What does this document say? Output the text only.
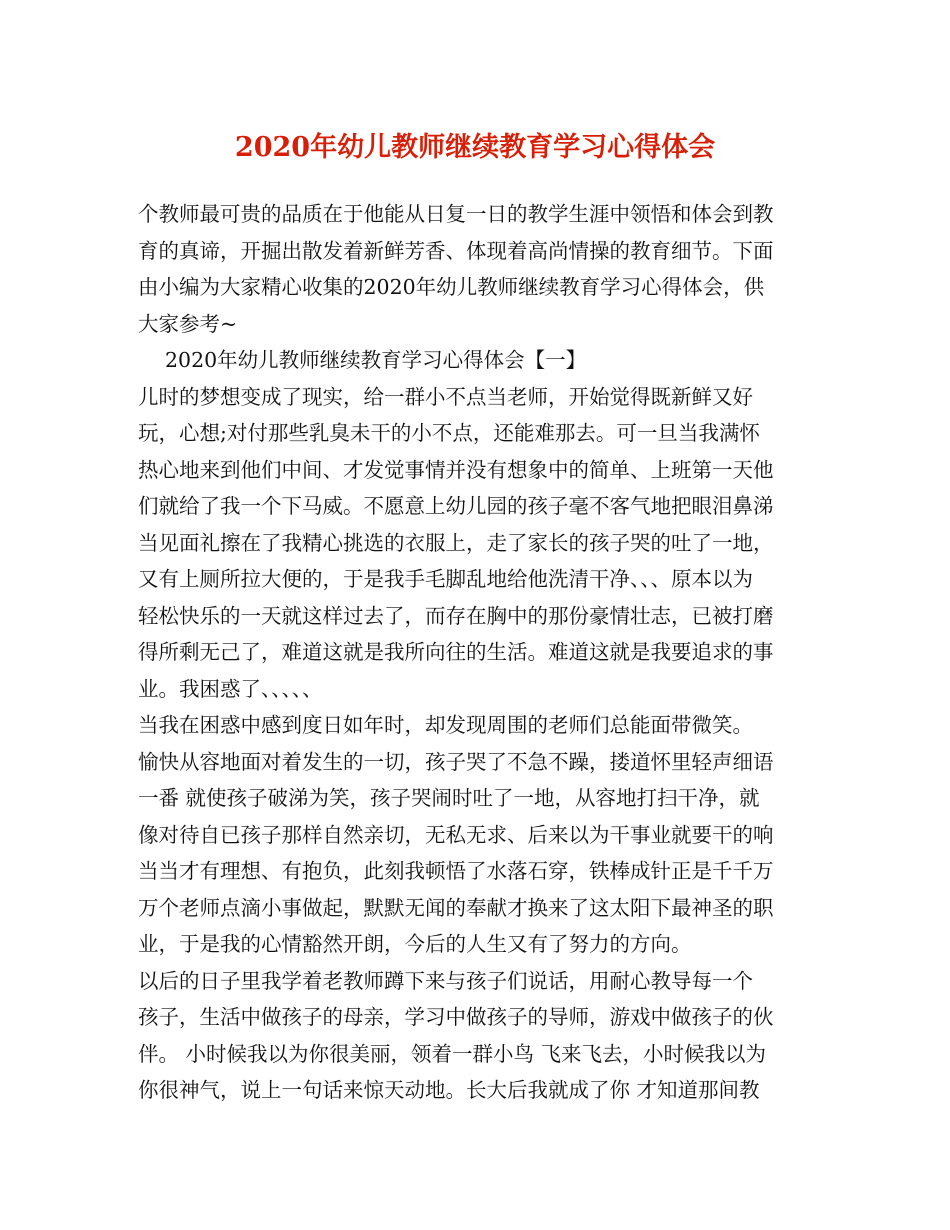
2020年幼儿教师继续教育学习心得体会
个教师最可贵的品质在于他能从日复一日的教学生涯中领悟和体会到教
育的真谛，开掘出散发着新鲜芳香、体现着高尚情操的教育细节。下面
由小编为大家精心收集的2020年幼儿教师继续教育学习心得体会，供
大家参考~
　 2020年幼儿教师继续教育学习心得体会【一】
儿时的梦想变成了现实，给一群小不点当老师，开始觉得既新鲜又好
玩，心想;对付那些乳臭未干的小不点，还能难那去。可一旦当我满怀
热心地来到他们中间、才发觉事情并没有想象中的简单、上班第一天他
们就给了我一个下马威。不愿意上幼儿园的孩子毫不客气地把眼泪鼻涕
当见面礼擦在了我精心挑选的衣服上，走了家长的孩子哭的吐了一地，
又有上厕所拉大便的，于是我手毛脚乱地给他洗清干净、、、原本以为
轻松快乐的一天就这样过去了，而存在胸中的那份豪情壮志，已被打磨
得所剩无己了，难道这就是我所向往的生活。难道这就是我要追求的事
业。我困惑了、、、、、
当我在困惑中感到度日如年时，却发现周围的老师们总能面带微笑。
愉快从容地面对着发生的一切，孩子哭了不急不躁，搂道怀里轻声细语
一番 就使孩子破涕为笑，孩子哭闹时吐了一地，从容地打扫干净，就
像对待自已孩子那样自然亲切，无私无求、后来以为干事业就要干的响
当当才有理想、有抱负，此刻我顿悟了水落石穿，铁棒成针正是千千万
万个老师点滴小事做起，默默无闻的奉献才换来了这太阳下最神圣的职
业，于是我的心情豁然开朗，今后的人生又有了努力的方向。
以后的日子里我学着老教师蹲下来与孩子们说话，用耐心教导每一个
孩子，生活中做孩子的母亲，学习中做孩子的导师，游戏中做孩子的伙
伴。 小时候我以为你很美丽，领着一群小鸟 飞来飞去，小时候我以为
你很神气，说上一句话来惊天动地。长大后我就成了你 才知道那间教
